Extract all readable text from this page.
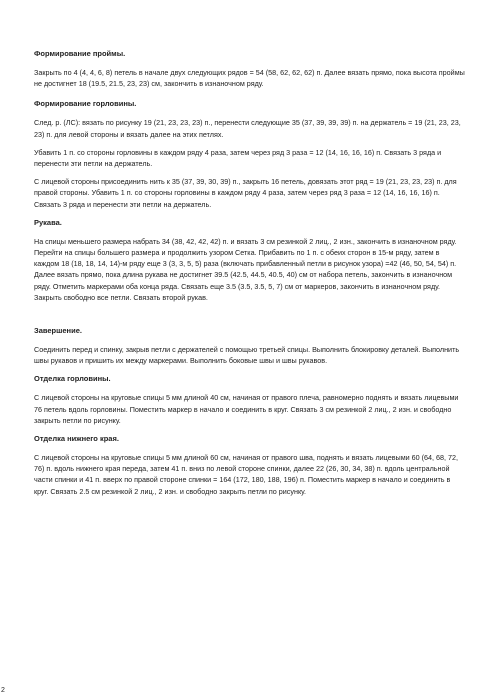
Формирование проймы.
Закрыть по 4 (4, 4, 6, 8) петель в начале двух следующих рядов = 54 (58, 62, 62, 62) п. Далее вязать прямо, пока высота проймы не достигнет 18 (19.5, 21.5, 23, 23) см, закончить в изнаночном ряду.
Формирование горловины.
След. р. (ЛС): вязать по рисунку 19 (21, 23, 23, 23) п., перенести следующие 35 (37, 39, 39, 39) п. на держатель = 19 (21, 23, 23, 23) п. для левой стороны и вязать далее на этих петлях.
Убавить 1 п. со стороны горловины в каждом ряду 4 раза, затем через ряд 3 раза = 12 (14, 16, 16, 16) п. Связать 3 ряда и перенести эти петли на держатель.
С лицевой стороны присоединить нить к 35 (37, 39, 30, 39) п., закрыть 16 петель, довязать этот ряд = 19 (21, 23, 23, 23) п. для правой стороны. Убавить 1 п. со стороны горловины в каждом ряду 4 раза, затем через ряд 3 раза = 12 (14, 16, 16, 16) п. Связать 3 ряда и перенести эти петли на держатель.
Рукава.
На спицы меньшего размера набрать 34 (38, 42, 42, 42) п. и вязать 3 см резинкой 2 лиц., 2 изн., закончить в изнаночном ряду. Перейти на спицы большего размера и продолжить узором Сетка. Прибавить по 1 п. с обеих сторон в 15-м ряду, затем в каждом 18 (18, 18, 14, 14)-м ряду еще 3 (3, 3, 5, 5) раза (включать прибавленный петли в рисунок узора) =42 (46, 50, 54, 54) п. Далее вязать прямо, пока длина рукава не достигнет 39.5 (42.5, 44.5, 40.5, 40) см от набора петель, закончить в изнаночном ряду. Отметить маркерами оба конца ряда. Связать еще 3.5 (3.5, 3.5, 5, 7) см от маркеров, закончить в изнаночном ряду. Закрыть свободно все петли. Связать второй рукав.
Завершение.
Соединить перед и спинку, закрыв петли с держателей с помощью третьей спицы. Выполнить блокировку деталей. Выполнить швы рукавов и пришить их между маркерами. Выполнить боковые швы и швы рукавов.
Отделка горловины.
С лицевой стороны на круговые спицы 5 мм длиной 40 см, начиная от правого плеча, равномерно поднять и вязать лицевыми 76 петель вдоль горловины. Поместить маркер в начало и соединить в круг. Связать 3 см резинкой 2 лиц., 2 изн. и свободно закрыть петли по рисунку.
Отделка нижнего края.
С лицевой стороны на круговые спицы 5 мм длиной 60 см, начиная от правого шва, поднять и вязать лицевыми 60 (64, 68, 72, 76) п. вдоль нижнего края переда, затем 41 п. вниз по левой стороне спинки, далее 22 (26, 30, 34, 38) п. вдоль центральной части спинки и 41 п. вверх по правой стороне спинки = 164 (172, 180, 188, 196) п. Поместить маркер в начало и соединить в круг. Связать 2.5 см резинкой 2 лиц., 2 изн. и свободно закрыть петли по рисунку.
2
